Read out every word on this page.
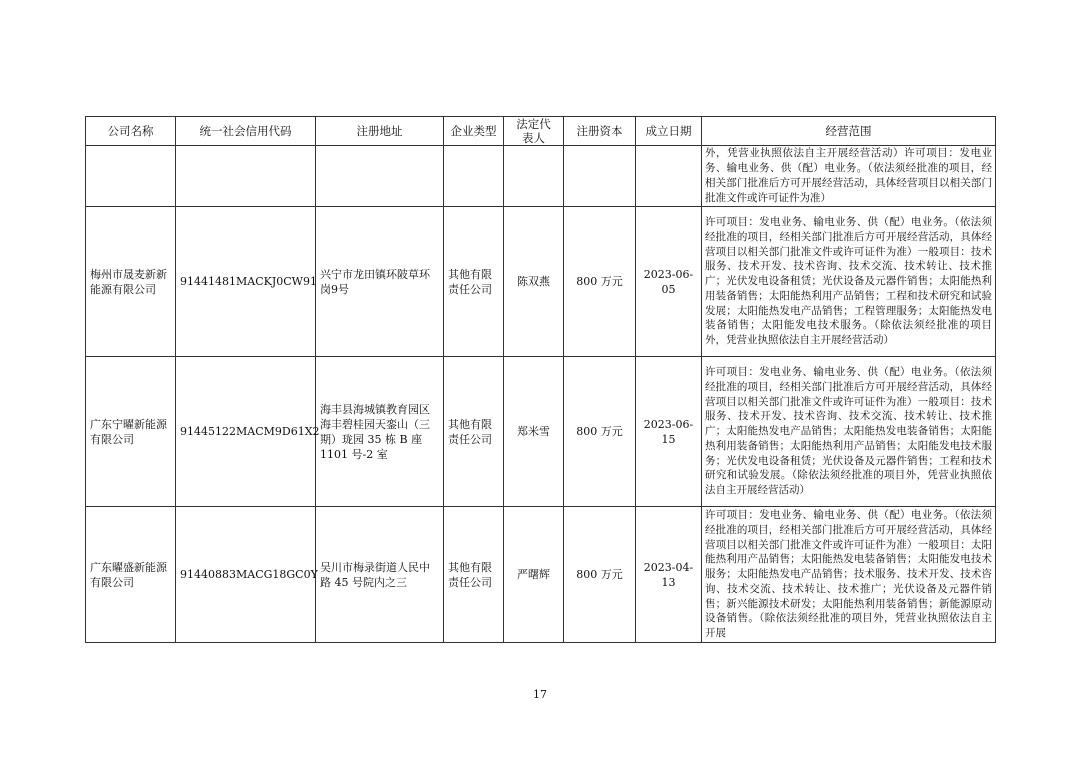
公司名称	统一社会信用代码	注册地址	企业类型	法定代表人	注册资本	成立日期	经营范围
							外，凭营业执照依法自主开展经营活动）许可项目：发电业务、输电业务、供（配）电业务。（依法须经批准的项目，经相关部门批准后方可开展经营活动，具体经营项目以相关部门批准文件或许可证件为准）
梅州市晟麦新新能源有限公司	91441481MACKJ0CW91	兴宁市龙田镇环陂草环岗9号	其他有限责任公司	陈双燕	800 万元	2023-06-05	许可项目：发电业务、输电业务、供（配）电业务。（依法须经批准的项目，经相关部门批准后方可开展经营活动，具体经营项目以相关部门批准文件或许可证件为准）一般项目：技术服务、技术开发、技术咨询、技术交流、技术转让、技术推广；光伏发电设备租赁；光伏设备及元器件销售；太阳能热利用装备销售；太阳能热利用产品销售；工程和技术研究和试验发展；太阳能热发电产品销售；工程管理服务；太阳能热发电装备销售；太阳能发电技术服务。（除依法须经批准的项目外，凭营业执照依法自主开展经营活动）
广东宁曜新能源有限公司	91445122MACM9D61X2	海丰县海城镇教育园区海丰碧桂园天銮山（三期）珑园 35 栋 B 座 1101 号-2 室	其他有限责任公司	郑米雪	800 万元	2023-06-15	许可项目：发电业务、输电业务、供（配）电业务。（依法须经批准的项目，经相关部门批准后方可开展经营活动，具体经营项目以相关部门批准文件或许可证件为准）一般项目：技术服务、技术开发、技术咨询、技术交流、技术转让、技术推广；太阳能热发电产品销售；太阳能热发电装备销售；太阳能热利用装备销售；太阳能热利用产品销售；太阳能发电技术服务；光伏发电设备租赁；光伏设备及元器件销售；工程和技术研究和试验发展。（除依法须经批准的项目外，凭营业执照依法自主开展经营活动）
广东曜盛新能源有限公司	91440883MACG18GC0Y	吴川市梅录街道人民中路 45 号院内之三	其他有限责任公司	严曙辉	800 万元	2023-04-13	许可项目：发电业务、输电业务、供（配）电业务。（依法须经批准的项目，经相关部门批准后方可开展经营活动，具体经营项目以相关部门批准文件或许可证件为准）一般项目：太阳能热利用产品销售；太阳能热发电装备销售；太阳能发电技术服务；太阳能热发电产品销售；技术服务、技术开发、技术咨询、技术交流、技术转让、技术推广；光伏设备及元器件销售；新兴能源技术研发；太阳能热利用装备销售；新能源原动设备销售。（除依法须经批准的项目外，凭营业执照依法自主开展
17
